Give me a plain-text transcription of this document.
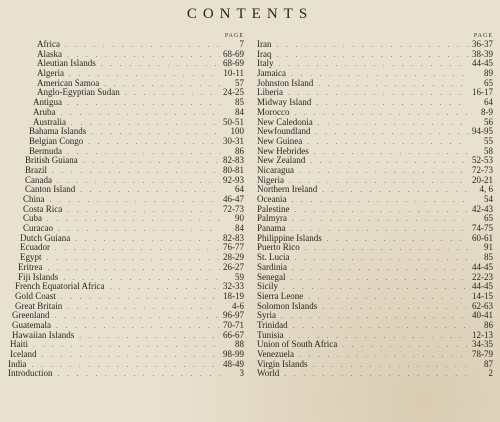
CONTENTS
PAGE
Africa . . .	7
Alaska . . .	68-69
Aleutian Islands . . .	68-69
Algeria . . .	10-11
American Samoa . . .	57
Anglo-Egyptian Sudan . . .	24-25
Antigua . . .	85
Aruba . . .	84
Australia . . .	50-51
Bahama Islands . . .	100
Belgian Congo . . .	30-31
Bermuda . . .	86
British Guiana . . .	82-83
Brazil . . .	80-81
Canada . . .	92-93
Canton Island . . .	64
China . . .	46-47
Costa Rica . . .	72-73
Cuba . . .	90
Curacao . . .	84
Dutch Guiana . . .	82-83
Ecuador . . .	76-77
Egypt . . .	28-29
Eritrea . . .	26-27
Fiji Islands . . .	59
French Equatorial Africa . . .	32-33
Gold Coast . . .	18-19
Great Britain . . .	4-6
Greenland . . .	96-97
Guatemala . . .	70-71
Hawaiian Islands . . .	66-67
Haiti . . .	88
Iceland . . .	98-99
India . . .	48-49
Introduction . . .	3
PAGE
Iran . . .	36-37
Iraq . . .	38-39
Italy . . .	44-45
Jamaica . . .	89
Johnston Island . . .	65
Liberia . . .	16-17
Midway Island . . .	64
Morocco . . .	8-9
New Caledonia . . .	56
Newfoundland . . .	94-95
New Guinea . . .	55
New Hebrides . . .	58
New Zealand . . .	52-53
Nicaragua . . .	72-73
Nigeria . . .	20-21
Northern Ireland . . .	4, 6
Oceania . . .	54
Palestine . . .	42-43
Palmyra . . .	65
Panama . . .	74-75
Philippine Islands . . .	60-61
Puerto Rico . . .	91
St. Lucia . . .	85
Sardinia . . .	44-45
Senegal . . .	22-23
Sicily . . .	44-45
Sierra Leone . . .	14-15
Solomon Islands . . .	62-63
Syria . . .	40-41
Trinidad . . .	86
Tunisia . . .	12-13
Union of South Africa . . .	34-35
Venezuela . . .	78-79
Virgin Islands . . .	87
World . . .	2
